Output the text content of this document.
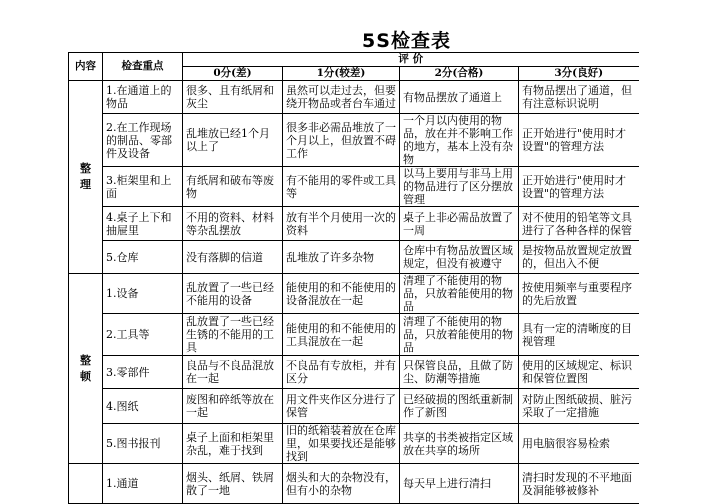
5S检查表
内容	检查重点	评 价			
		0分(差)	1分(较差)	2分(合格)	3分(良好)

整
理	1.在通道上的物品	很多、且有纸屑和灰尘	虽然可以走过去，但要绕开物品或者台车通过	有物品摆放了通道上	有物品摆出了通道，但有注意标识说明
	2.在工作现场的制品、零部件及设备	乱堆放已经1个月以上了	很多非必需品堆放了一个月以上，但放置不碍工作	一个月以内使用的物品，放在并不影响工作的地方，基本上没有杂物	正开始进行"使用时才设置"的管理方法
	3.柜架里和上面	有纸屑和破布等废物	有不能用的零件或工具等	以马上要用与非马上用的物品进行了区分摆放管理	正开始进行"使用时才设置"的管理方法
	4.桌子上下和抽屉里	不用的资料、材料等杂乱摆放	放有半个月使用一次的资料	桌子上非必需品放置了一周	对不使用的铅笔等文具进行了各种各样的保管
	5.仓库	没有落脚的信道	乱堆放了许多杂物	仓库中有物品放置区域规定，但没有被遵守	是按物品放置规定放置的，但出入不便

整
顿	1.设备	乱放置了一些已经不能用的设备	能使用的和不能使用的设备混放在一起	清理了不能使用的物品，只放着能使用的物品	按使用频率与重要程序的先后放置
	2.工具等	乱放置了一些已经生锈的不能用的工具	能使用的和不能使用的工具混放在一起	清理了不能使用的物品，只放着能使用的物品	具有一定的清晰度的目视管理
	3.零部件	良品与不良品混放在一起	不良品有专放柜，并有区分	只保管良品，且做了防尘、防潮等措施	使用的区域规定、标识和保管位置图
	4.图纸	废图和碎纸等放在一起	用文件夹作区分进行了保管	已经破损的图纸重新制作了新图	对防止图纸破损、脏污采取了一定措施
	5.图书报刊	桌子上面和柜架里杂乱，难于找到	旧的纸箱装着放在仓库里，如果要找还是能够找到	共享的书类被指定区域放在共享的场所	用电脑很容易检索
	1.通道	烟头、纸屑、铁屑散了一地	烟头和大的杂物没有，但有小的杂物	每天早上进行清扫	清扫时发现的不平地面及洞能够被修补
